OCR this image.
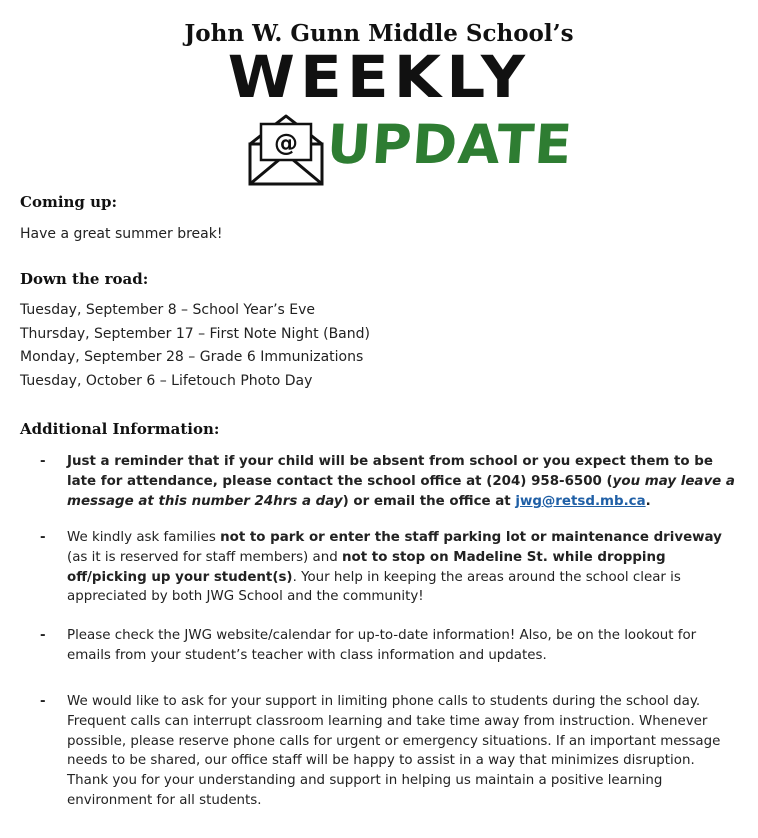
John W. Gunn Middle School’s
WEEKLY
@ UPDATE
Coming up:
Have a great summer break!
Down the road:
Tuesday, September 8 – School Year’s Eve
Thursday, September 17 – First Note Night (Band)
Monday, September 28 – Grade 6 Immunizations
Tuesday, October 6 – Lifetouch Photo Day
Additional Information:
- Just a reminder that if your child will be absent from school or you expect them to be late for attendance, please contact the school office at (204) 958-6500 (you may leave a message at this number 24hrs a day) or email the office at jwg@retsd.mb.ca.
- We kindly ask families not to park or enter the staff parking lot or maintenance driveway (as it is reserved for staff members) and not to stop on Madeline St. while dropping off/picking up your student(s). Your help in keeping the areas around the school clear is appreciated by both JWG School and the community!
- Please check the JWG website/calendar for up-to-date information! Also, be on the lookout for emails from your student’s teacher with class information and updates.
- We would like to ask for your support in limiting phone calls to students during the school day. Frequent calls can interrupt classroom learning and take time away from instruction. Whenever possible, please reserve phone calls for urgent or emergency situations. If an important message needs to be shared, our office staff will be happy to assist in a way that minimizes disruption. Thank you for your understanding and support in helping us maintain a positive learning environment for all students.
